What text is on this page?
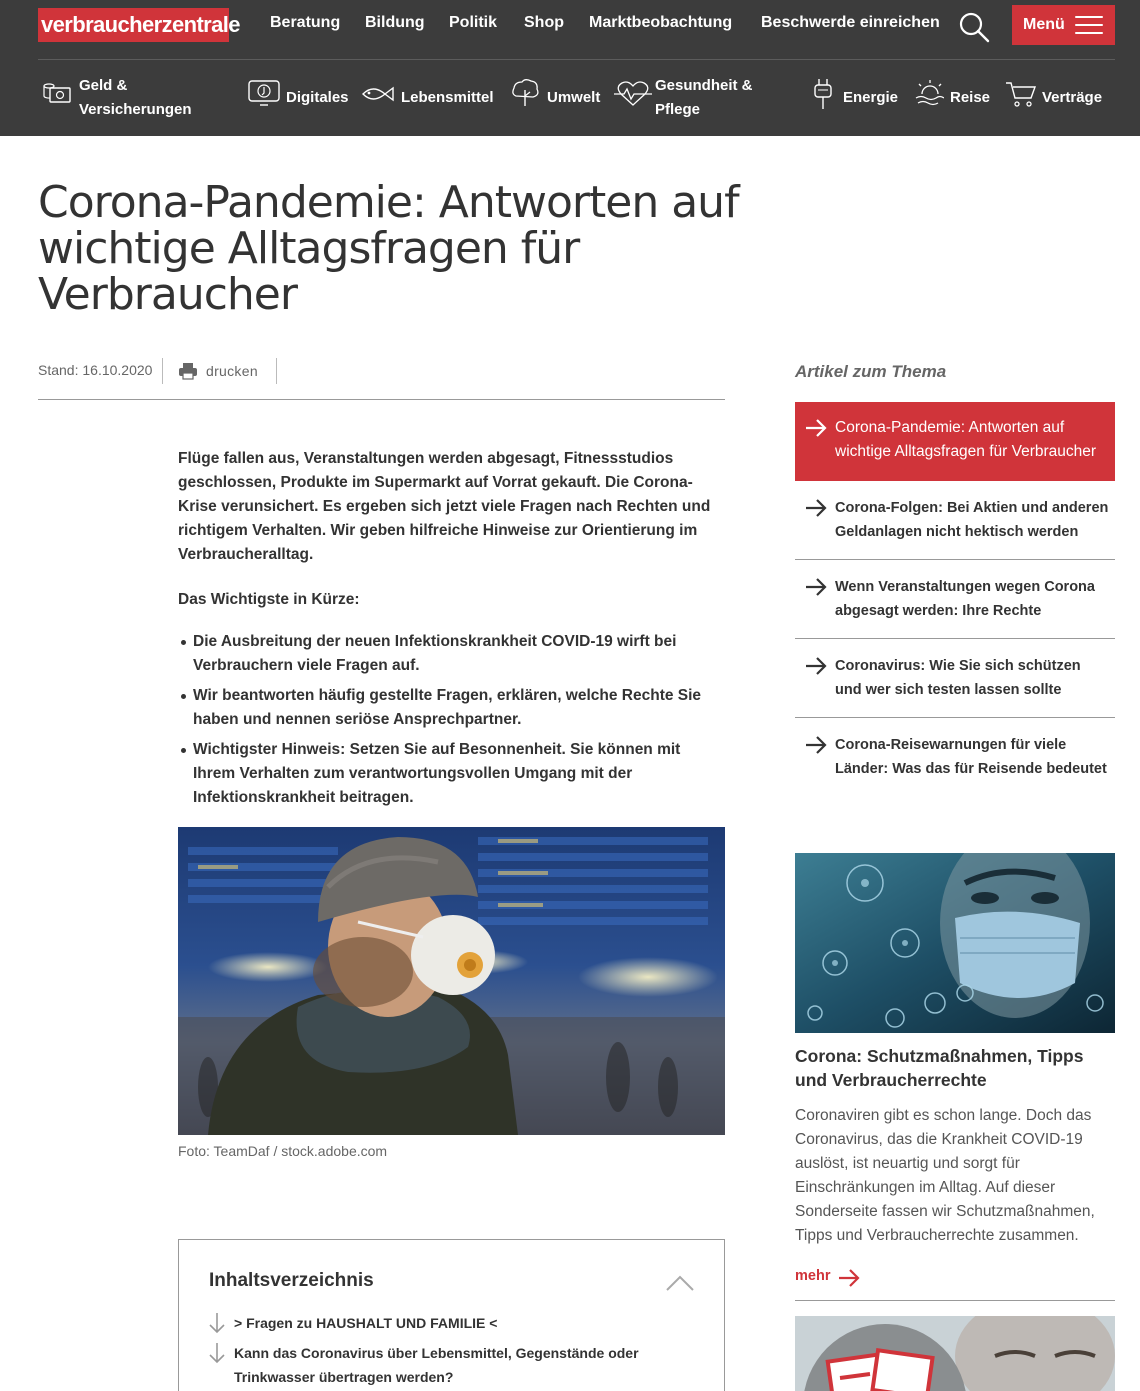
verbraucherzentrale Beratung Bildung Politik Shop Marktbeobachtung Beschwerde einreichen	Menü
Geld &
Versicherungen
Digitales	Lebensmittel	Umwelt
Gesundheit &
Pflege
Energie	Reise	Verträge
Corona-Pandemie: Antworten auf
wichtige Alltagsfragen für
Verbraucher
Stand: 16.10.2020	drucken

Flüge fallen aus, Veranstaltungen werden abgesagt, Fitnessstudios geschlossen, Produkte im Supermarkt auf Vorrat gekauft. Die Corona-Krise verunsichert. Es ergeben sich jetzt viele Fragen nach Rechten und richtigem Verhalten. Wir geben hilfreiche Hinweise zur Orientierung im Verbraucheralltag.

Das Wichtigste in Kürze:
Die Ausbreitung der neuen Infektionskrankheit COVID-19 wirft bei Verbrauchern viele Fragen auf.
Wir beantworten häufig gestellte Fragen, erklären, welche Rechte Sie haben und nennen seriöse Ansprechpartner.
Wichtigster Hinweis: Setzen Sie auf Besonnenheit. Sie können mit Ihrem Verhalten zum verantwortungsvollen Umgang mit der Infektionskrankheit beitragen.
Foto: TeamDaf / stock.adobe.com
Inhaltsverzeichnis
> Fragen zu HAUSHALT UND FAMILIE <
Kann das Coronavirus über Lebensmittel, Gegenstände oder Trinkwasser übertragen werden?
Artikel zum Thema
Corona-Pandemie: Antworten auf wichtige Alltagsfragen für Verbraucher
Corona-Folgen: Bei Aktien und anderen Geldanlagen nicht hektisch werden
Wenn Veranstaltungen wegen Corona abgesagt werden: Ihre Rechte
Coronavirus: Wie Sie sich schützen und wer sich testen lassen sollte
Corona-Reisewarnungen für viele Länder: Was das für Reisende bedeutet
Corona: Schutzmaßnahmen, Tipps und Verbraucherrechte

Coronaviren gibt es schon lange. Doch das Coronavirus, das die Krankheit COVID-19 auslöst, ist neuartig und sorgt für Einschränkungen im Alltag. Auf dieser Sonderseite fassen wir Schutzmaßnahmen, Tipps und Verbraucherrechte zusammen.

mehr
